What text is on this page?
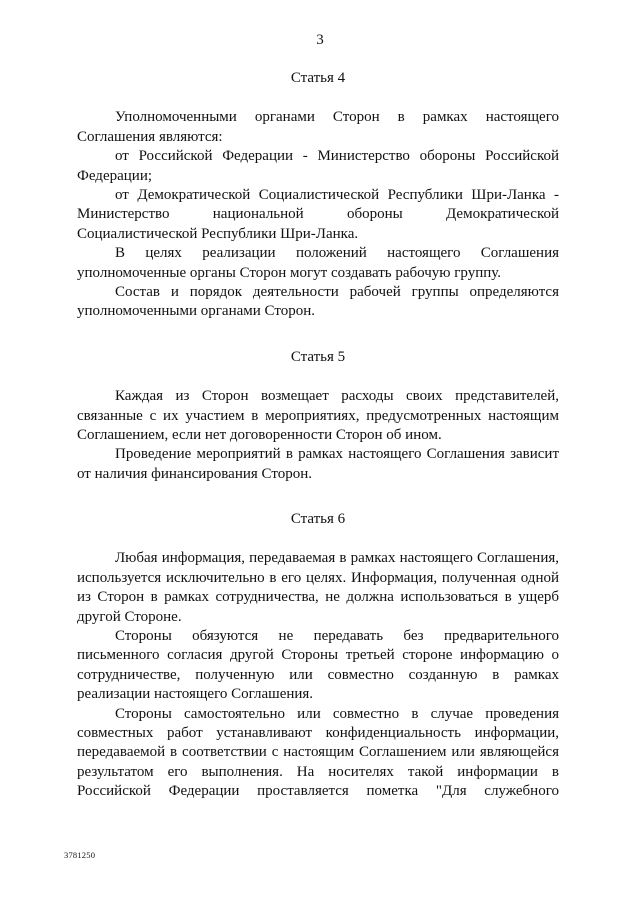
3
Статья 4
Уполномоченными органами Сторон в рамках настоящего
Соглашения являются:
от Российской Федерации - Министерство обороны Российской
Федерации;
от Демократической Социалистической Республики Шри-Ланка -
Министерство национальной обороны Демократической
Социалистической Республики Шри-Ланка.
В целях реализации положений настоящего Соглашения
уполномоченные органы Сторон могут создавать рабочую группу.
Состав и порядок деятельности рабочей группы определяются
уполномоченными органами Сторон.
Статья 5
Каждая из Сторон возмещает расходы своих представителей,
связанные с их участием в мероприятиях, предусмотренных настоящим
Соглашением, если нет договоренности Сторон об ином.
Проведение мероприятий в рамках настоящего Соглашения зависит
от наличия финансирования Сторон.
Статья 6
Любая информация, передаваемая в рамках настоящего Соглашения,
используется исключительно в его целях. Информация, полученная одной
из Сторон в рамках сотрудничества, не должна использоваться в ущерб
другой Стороне.
Стороны обязуются не передавать без предварительного
письменного согласия другой Стороны третьей стороне информацию о
сотрудничестве, полученную или совместно созданную в рамках
реализации настоящего Соглашения.
Стороны самостоятельно или совместно в случае проведения
совместных работ устанавливают конфиденциальность информации,
передаваемой в соответствии с настоящим Соглашением или являющейся
результатом его выполнения. На носителях такой информации в
Российской Федерации проставляется пометка "Для служебного
3781250
